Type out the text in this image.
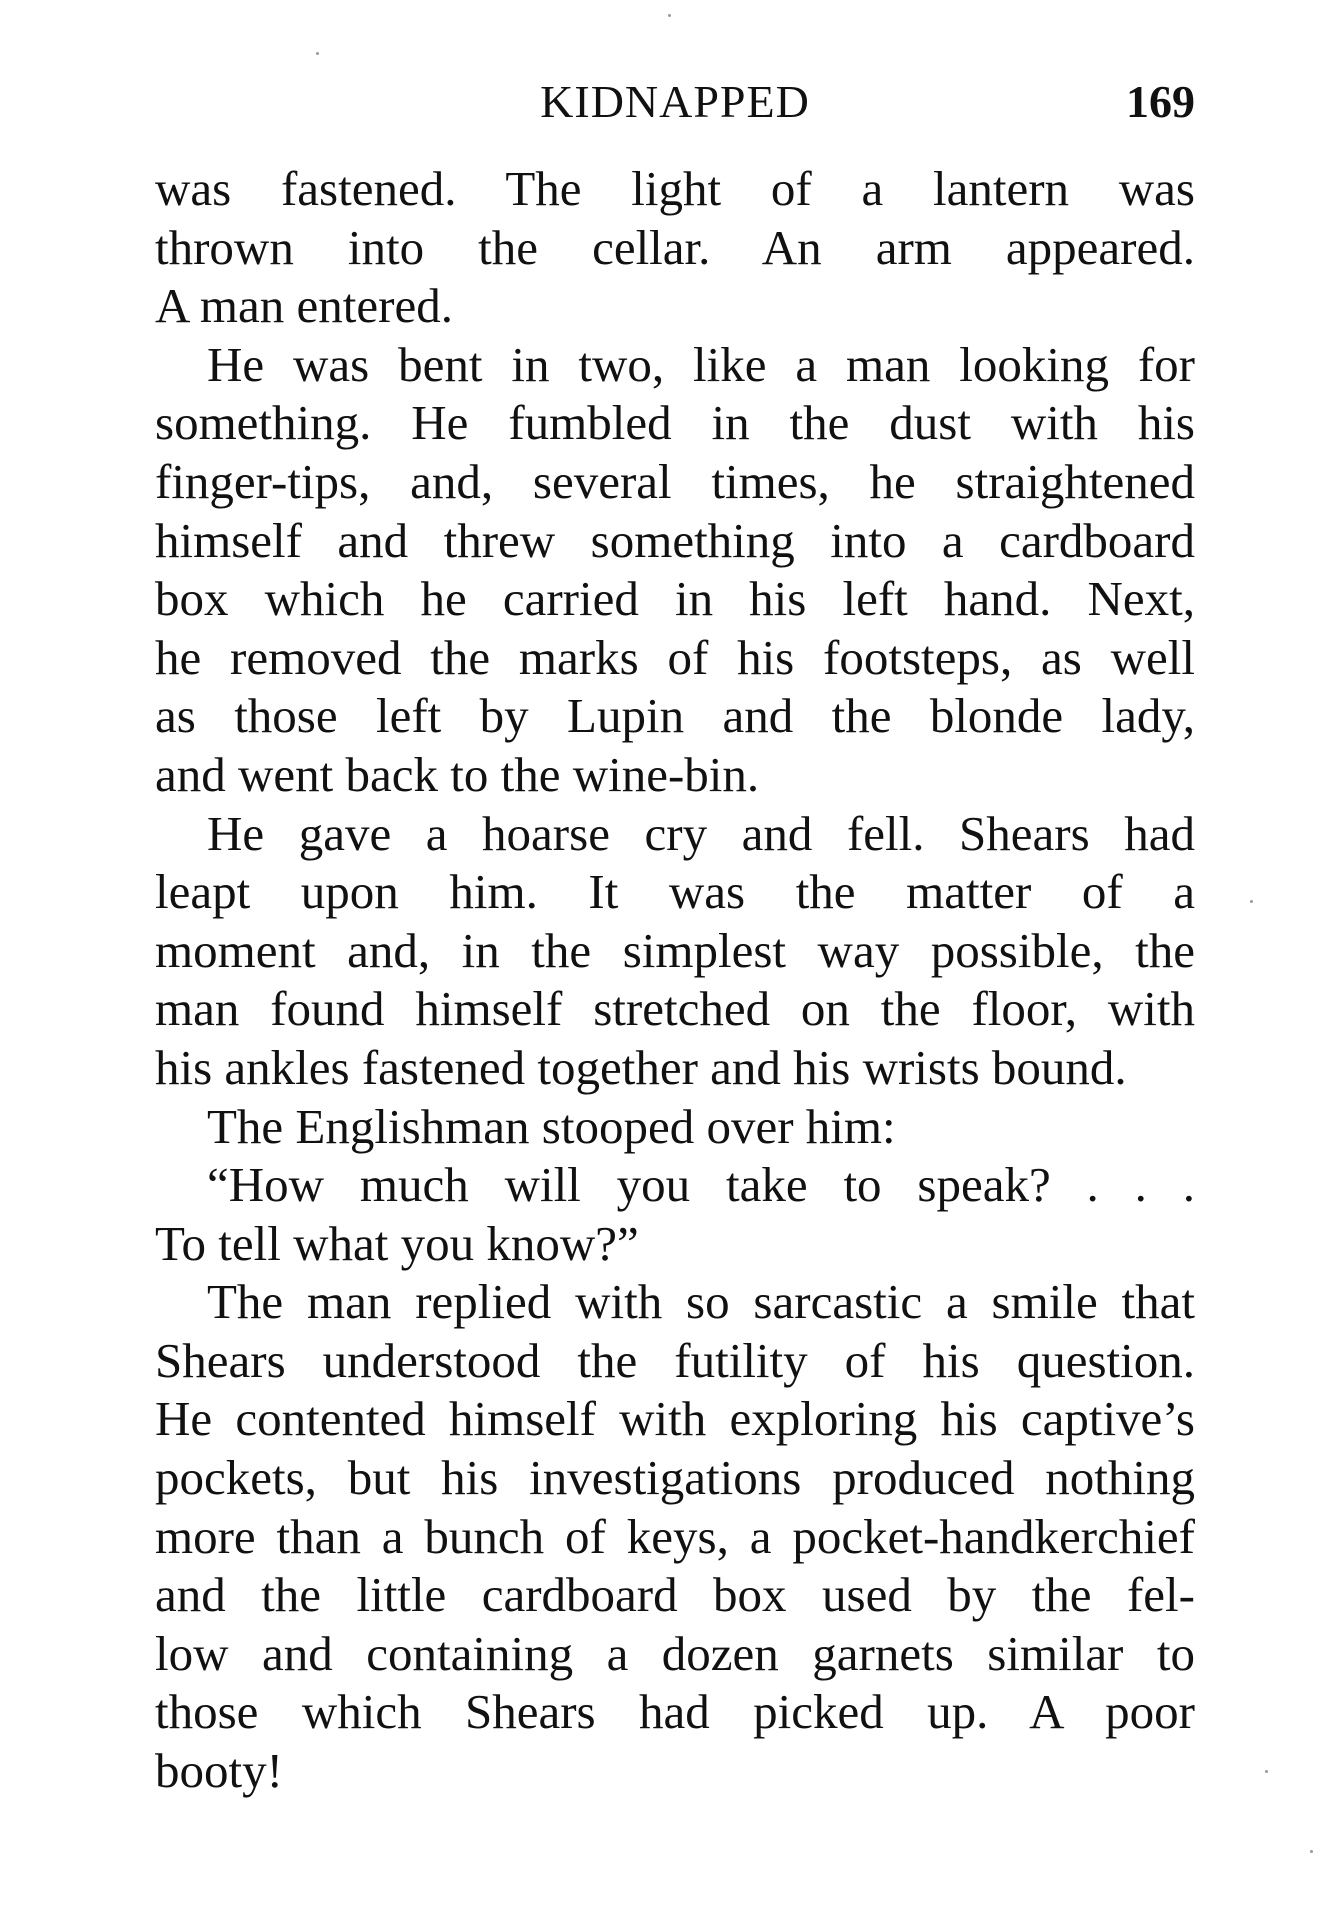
KIDNAPPED	169

was fastened. The light of a lantern was
thrown into the cellar. An arm appeared.
A man entered.

He was bent in two, like a man looking for
something. He fumbled in the dust with his
finger-tips, and, several times, he straightened
himself and threw something into a cardboard
box which he carried in his left hand. Next,
he removed the marks of his footsteps, as well
as those left by Lupin and the blonde lady,
and went back to the wine-bin.

He gave a hoarse cry and fell. Shears had
leapt upon him. It was the matter of a
moment and, in the simplest way possible, the
man found himself stretched on the floor, with
his ankles fastened together and his wrists bound.

The Englishman stooped over him:

“How much will you take to speak? . . .
To tell what you know?”

The man replied with so sarcastic a smile that
Shears understood the futility of his question.
He contented himself with exploring his captive’s
pockets, but his investigations produced nothing
more than a bunch of keys, a pocket-handkerchief
and the little cardboard box used by the fel-
low and containing a dozen garnets similar to
those which Shears had picked up. A poor
booty!
